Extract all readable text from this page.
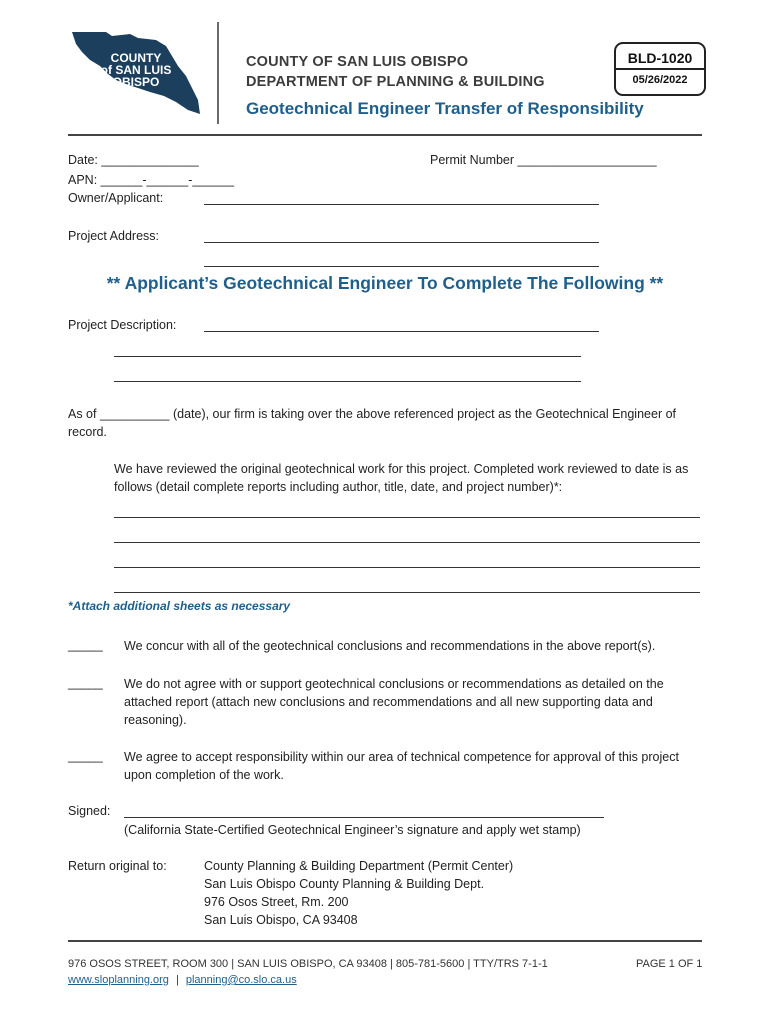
COUNTY
of SAN LUIS
OBISPO
COUNTY OF SAN LUIS OBISPO
DEPARTMENT OF PLANNING & BUILDING
Geotechnical Engineer Transfer of Responsibility
BLD-1020
05/26/2022
Date: ______________	Permit Number ____________________
APN: ______-______-______
Owner/Applicant:
Project Address:
** Applicant’s Geotechnical Engineer To Complete The Following **
Project Description:
As of __________ (date), our firm is taking over the above referenced project as the Geotechnical Engineer of record.
We have reviewed the original geotechnical work for this project. Completed work reviewed to date is as follows (detail complete reports including author, title, date, and project number)*:
*Attach additional sheets as necessary
_____ We concur with all of the geotechnical conclusions and recommendations in the above report(s).
_____ We do not agree with or support geotechnical conclusions or recommendations as detailed on the attached report (attach new conclusions and recommendations and all new supporting data and reasoning).
_____ We agree to accept responsibility within our area of technical competence for approval of this project upon completion of the work.
Signed:
(California State-Certified Geotechnical Engineer’s signature and apply wet stamp)
Return original to:	County Planning & Building Department (Permit Center)
San Luis Obispo County Planning & Building Dept.
976 Osos Street, Rm. 200
San Luis Obispo, CA 93408
976 OSOS STREET, ROOM 300 | SAN LUIS OBISPO, CA 93408 | 805-781-5600 | TTY/TRS 7-1-1
www.sloplanning.org | planning@co.slo.ca.us
PAGE 1 OF 1
